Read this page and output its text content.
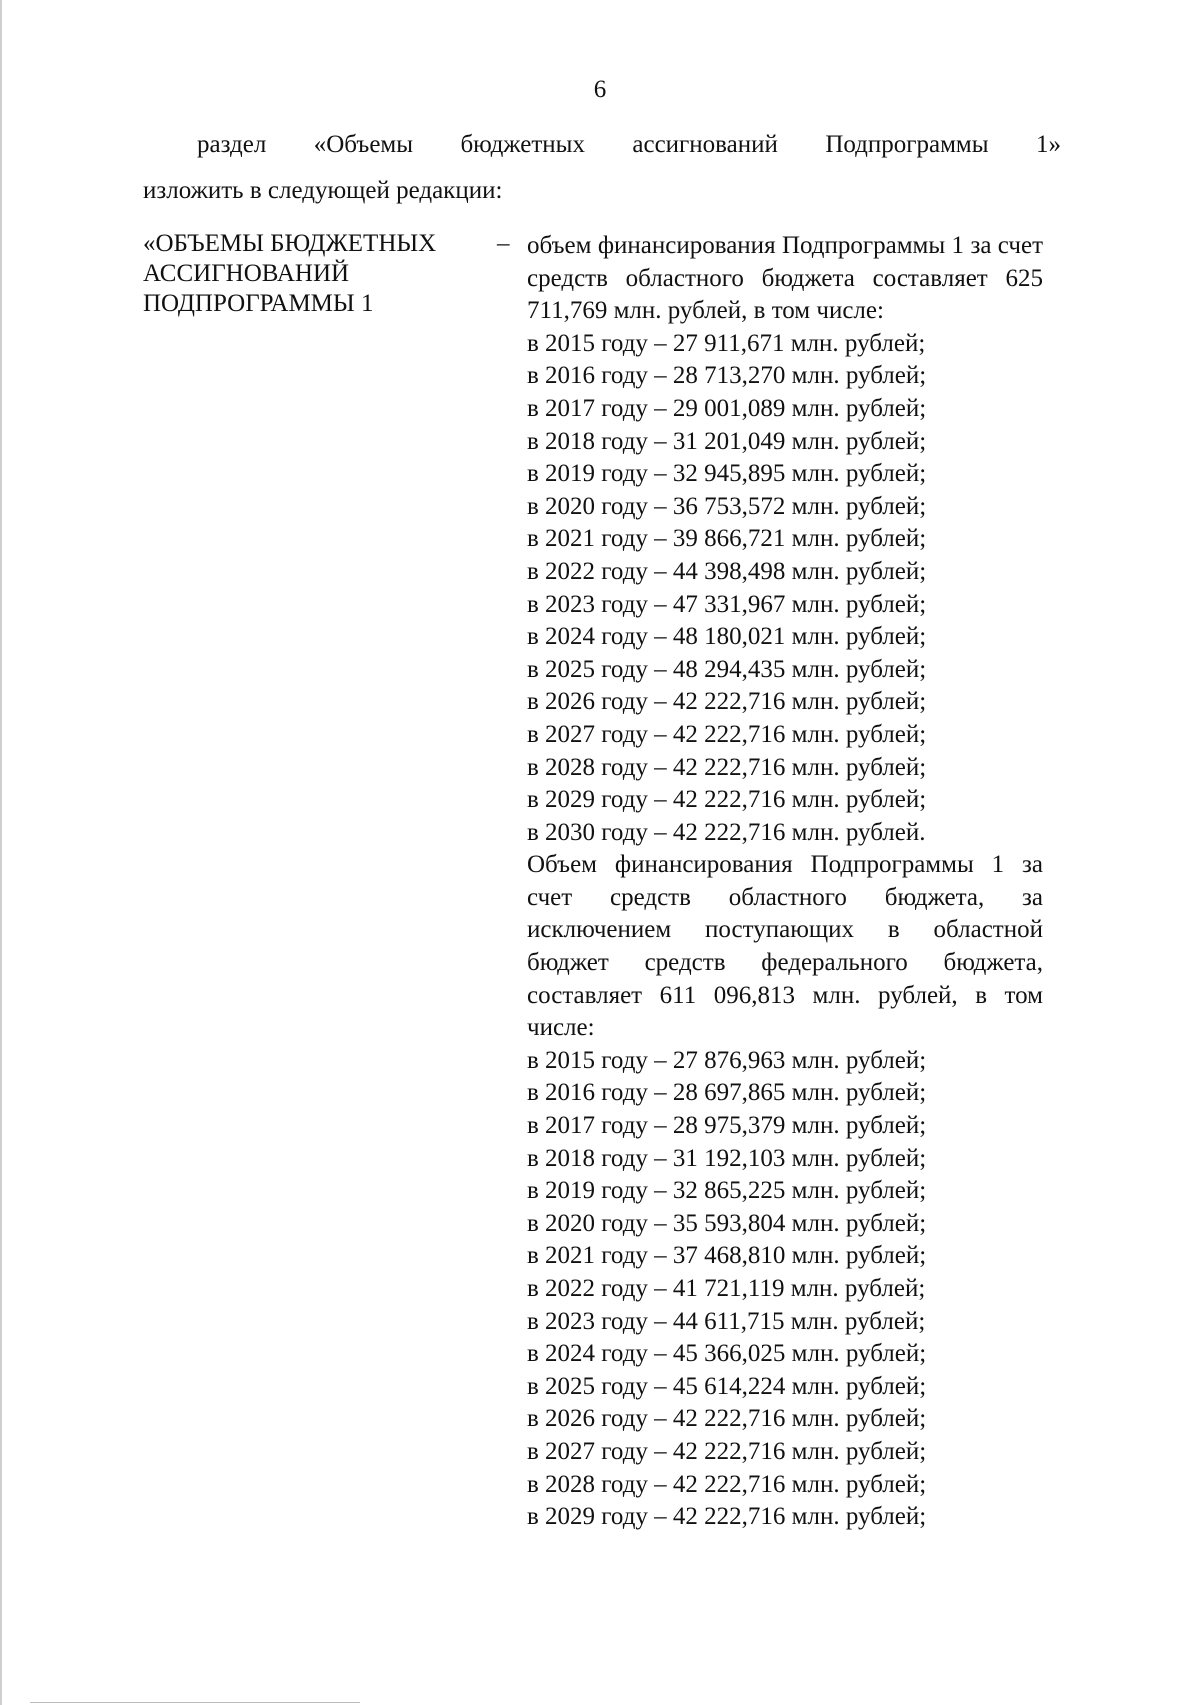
6
раздел «Объемы бюджетных ассигнований Подпрограммы 1»
изложить в следующей редакции:
«ОБЪЕМЫ БЮДЖЕТНЫХ АССИГНОВАНИЙ ПОДПРОГРАММЫ 1
– объем финансирования Подпрограммы 1 за счет средств областного бюджета составляет 625 711,769 млн. рублей, в том числе:
в 2015 году – 27 911,671 млн. рублей;
в 2016 году – 28 713,270 млн. рублей;
в 2017 году – 29 001,089 млн. рублей;
в 2018 году – 31 201,049 млн. рублей;
в 2019 году – 32 945,895 млн. рублей;
в 2020 году – 36 753,572 млн. рублей;
в 2021 году – 39 866,721 млн. рублей;
в 2022 году – 44 398,498 млн. рублей;
в 2023 году – 47 331,967 млн. рублей;
в 2024 году – 48 180,021 млн. рублей;
в 2025 году – 48 294,435 млн. рублей;
в 2026 году – 42 222,716 млн. рублей;
в 2027 году – 42 222,716 млн. рублей;
в 2028 году – 42 222,716 млн. рублей;
в 2029 году – 42 222,716 млн. рублей;
в 2030 году – 42 222,716 млн. рублей.
Объем финансирования Подпрограммы 1 за счет средств областного бюджета, за исключением поступающих в областной бюджет средств федерального бюджета, составляет 611 096,813 млн. рублей, в том числе:
в 2015 году – 27 876,963 млн. рублей;
в 2016 году – 28 697,865 млн. рублей;
в 2017 году – 28 975,379 млн. рублей;
в 2018 году – 31 192,103 млн. рублей;
в 2019 году – 32 865,225 млн. рублей;
в 2020 году – 35 593,804 млн. рублей;
в 2021 году – 37 468,810 млн. рублей;
в 2022 году – 41 721,119 млн. рублей;
в 2023 году – 44 611,715 млн. рублей;
в 2024 году – 45 366,025 млн. рублей;
в 2025 году – 45 614,224 млн. рублей;
в 2026 году – 42 222,716 млн. рублей;
в 2027 году – 42 222,716 млн. рублей;
в 2028 году – 42 222,716 млн. рублей;
в 2029 году – 42 222,716 млн. рублей;
